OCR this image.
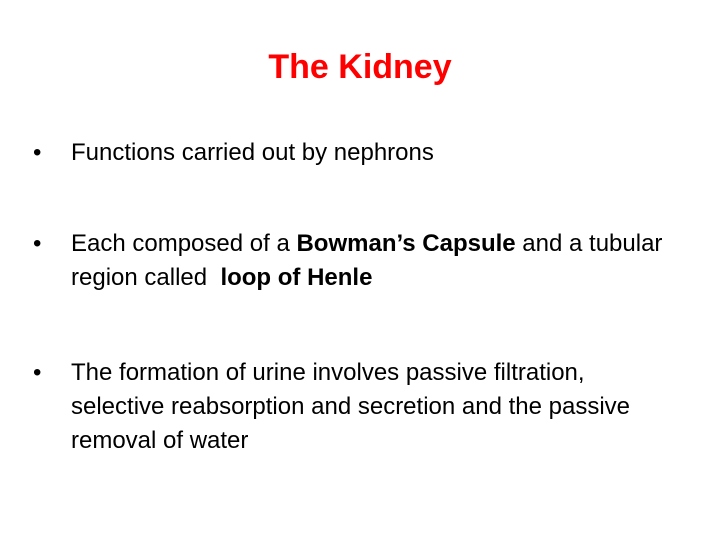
The Kidney
•	Functions carried out by nephrons
•	Each composed of a Bowman’s Capsule and a tubular region called  loop of Henle
•	The formation of urine involves passive filtration, selective reabsorption and secretion and the passive removal of water
